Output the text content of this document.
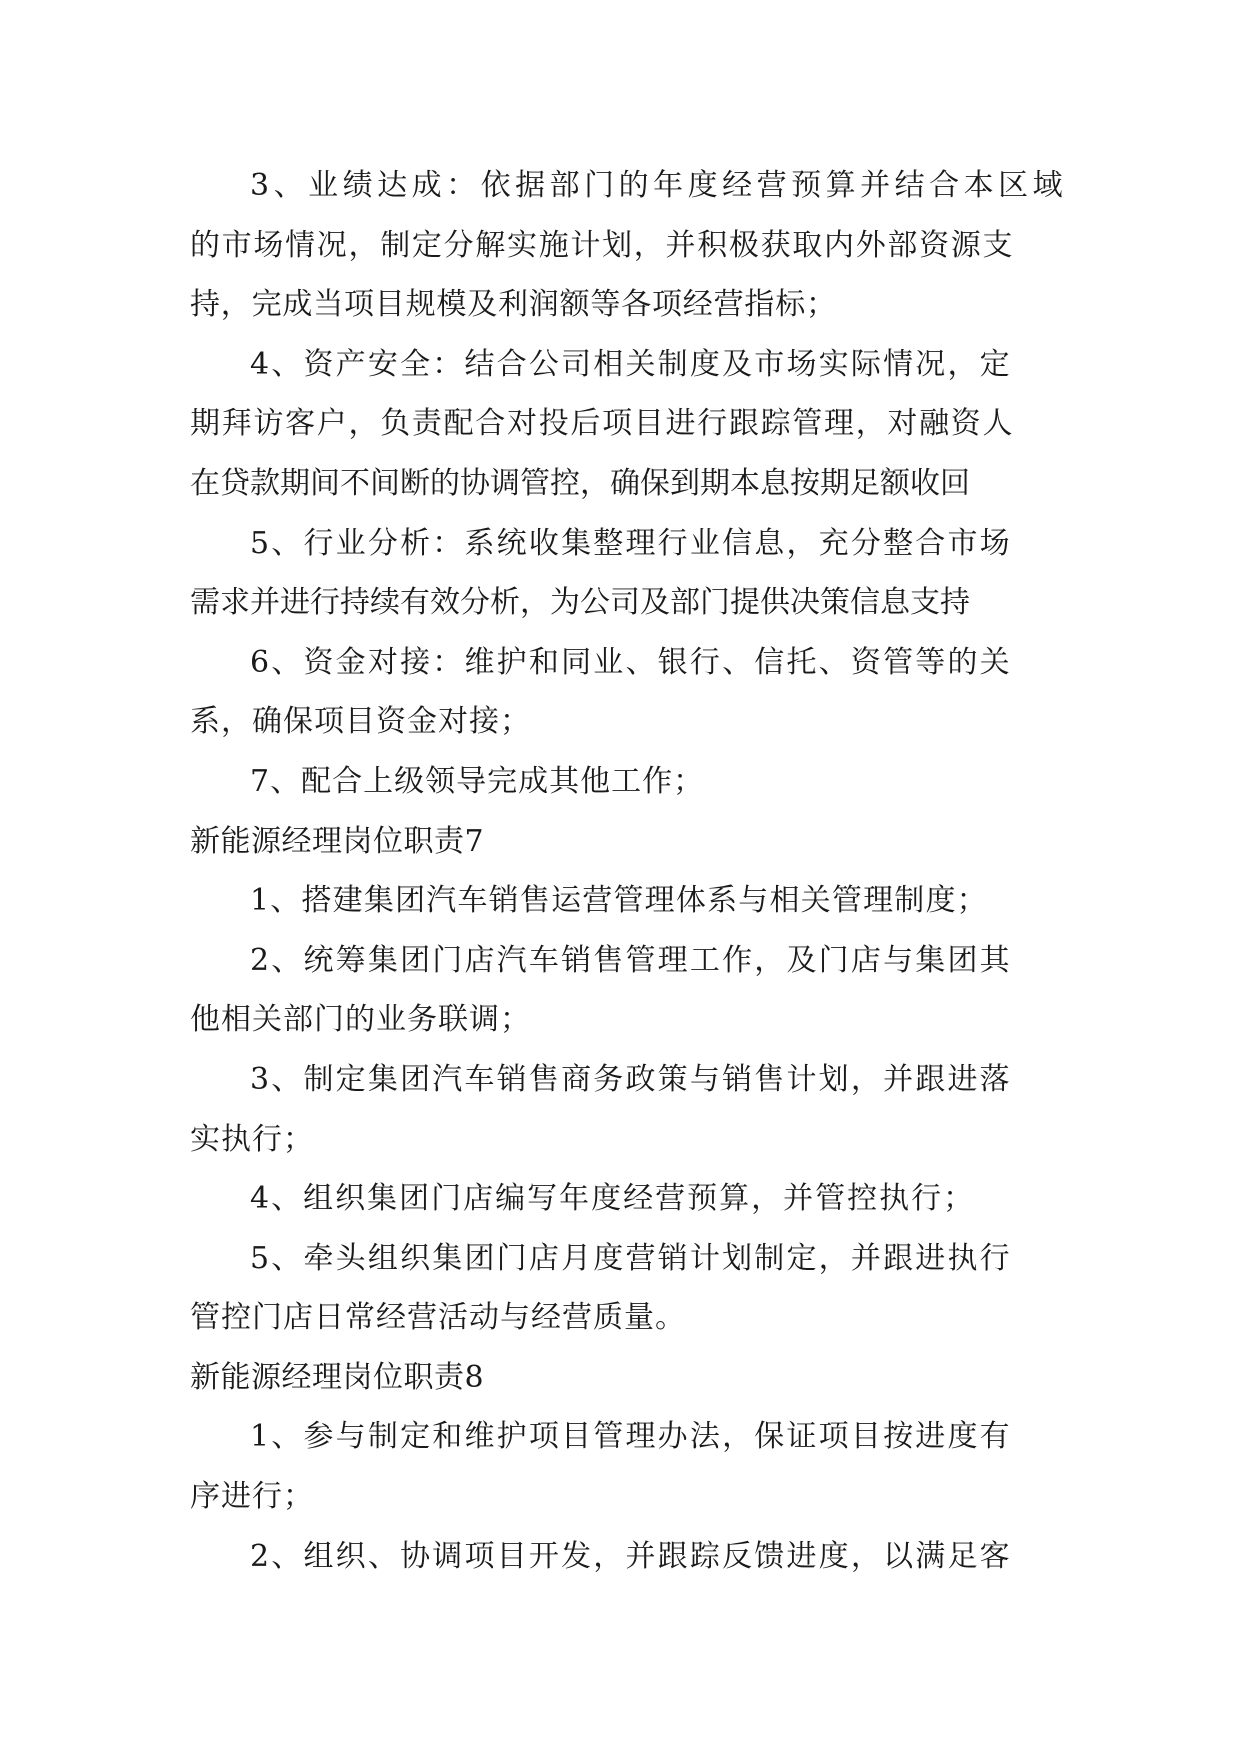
3、业绩达成：依据部门的年度经营预算并结合本区域
的市场情况，制定分解实施计划，并积极获取内外部资源支
持，完成当项目规模及利润额等各项经营指标；
4、资产安全：结合公司相关制度及市场实际情况，定
期拜访客户，负责配合对投后项目进行跟踪管理，对融资人
在贷款期间不间断的协调管控，确保到期本息按期足额收回
5、行业分析：系统收集整理行业信息，充分整合市场
需求并进行持续有效分析，为公司及部门提供决策信息支持
6、资金对接：维护和同业、银行、信托、资管等的关
系，确保项目资金对接；
7、配合上级领导完成其他工作；
新能源经理岗位职责7
1、搭建集团汽车销售运营管理体系与相关管理制度；
2、统筹集团门店汽车销售管理工作，及门店与集团其
他相关部门的业务联调；
3、制定集团汽车销售商务政策与销售计划，并跟进落
实执行；
4、组织集团门店编写年度经营预算，并管控执行；
5、牵头组织集团门店月度营销计划制定，并跟进执行
管控门店日常经营活动与经营质量。
新能源经理岗位职责8
1、参与制定和维护项目管理办法，保证项目按进度有
序进行；
2、组织、协调项目开发，并跟踪反馈进度，以满足客
